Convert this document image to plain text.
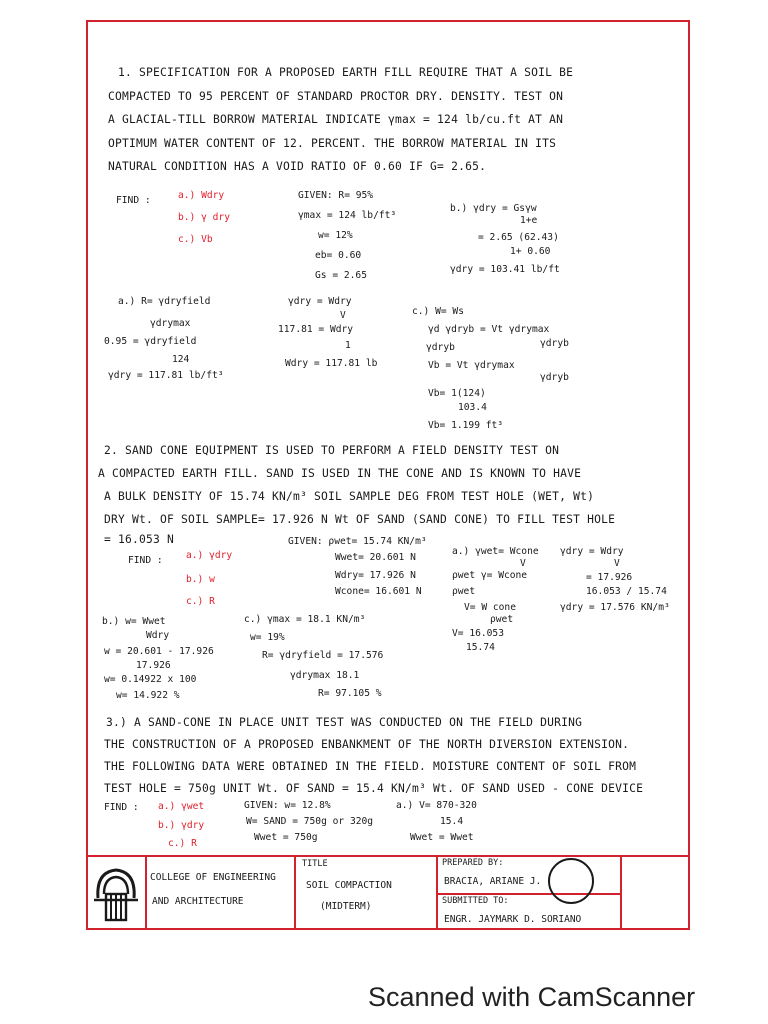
1. SPECIFICATION FOR A PROPOSED EARTH FILL REQUIRE THAT A SOIL BE
COMPACTED TO 95 PERCENT OF STANDARD PROCTOR DRY. DENSITY. TEST ON
A GLACIAL-TILL BORROW MATERIAL INDICATE γmax = 124 lb/cu.ft AT AN
OPTIMUM WATER CONTENT OF 12. PERCENT. THE BORROW MATERIAL IN ITS
NATURAL CONDITION HAS A VOID RATIO OF 0.60 IF G= 2.65.
FIND :	a.) Wdry
b.) γ dry
c.) Vb
GIVEN: R= 95%
γmax = 124 lb/ft³
w= 12%
eb= 0.60
Gs = 2.65
b.) γdry = Gsγw
1+e
= 2.65 (62.43)
1+ 0.60
γdry = 103.41 lb/ft
a.) R= γdryfield
γdrymax
0.95 = γdryfield
124
γdry = 117.81 lb/ft³
γdry = Wdry
V
117.81 = Wdry
1
Wdry = 117.81 lb
c.) W= Ws
γd γdryb = Vt γdrymax
γdryb	γdryb
Vb = Vt γdrymax
γdryb
Vb= 1(124)
103.4
Vb= 1.199 ft³
2. SAND CONE EQUIPMENT IS USED TO PERFORM A FIELD DENSITY TEST ON
A COMPACTED EARTH FILL. SAND IS USED IN THE CONE AND IS KNOWN TO HAVE
A BULK DENSITY OF 15.74 KN/m³ SOIL SAMPLE DEG FROM TEST HOLE (WET, Wt)
DRY Wt. OF SOIL SAMPLE= 17.926 N Wt OF SAND (SAND CONE) TO FILL TEST HOLE
= 16.053 N
FIND : a.) γdry
b.) w
c.) R
GIVEN: ρwet= 15.74 KN/m³
Wwet= 20.601 N
Wdry= 17.926 N
Wcone= 16.601 N
a.) γwet= Wcone
V
ρwet γ= Wcone
ρwet
V= W cone
ρwet
V= 16.053
15.74
γdry = Wdry
V
= 17.926
16.053 / 15.74
γdry = 17.576 KN/m³
b.) w= Wwet
Wdry
w = 20.601 - 17.926
17.926
w= 0.14922 x 100
w= 14.922 %
c.) γmax = 18.1 KN/m³
w= 19%
R= γdryfield = 17.576
γdrymax 18.1
R= 97.105 %
3.) A SAND-CONE IN PLACE UNIT TEST WAS CONDUCTED ON THE FIELD DURING
THE CONSTRUCTION OF A PROPOSED ENBANKMENT OF THE NORTH DIVERSION EXTENSION.
THE FOLLOWING DATA WERE OBTAINED IN THE FIELD. MOISTURE CONTENT OF SOIL FROM
TEST HOLE = 750g UNIT Wt. OF SAND = 15.4 KN/m³ Wt. OF SAND USED - CONE DEVICE
FIND : a.) γwet
b.) γdry
c.) R
GIVEN: w= 12.8%
W= SAND = 750g or 320g
Wwet = 750g
a.) V= 870-320
15.4
Wwet = Wwet
COLLEGE OF ENGINEERING
AND ARCHITECTURE
TITLE
SOIL COMPACTION
(MIDTERM)
PREPARED BY:
BRACIA, ARIANE J.
SUBMITTED TO:
ENGR. JAYMARK D. SORIANO
Scanned with CamScanner
